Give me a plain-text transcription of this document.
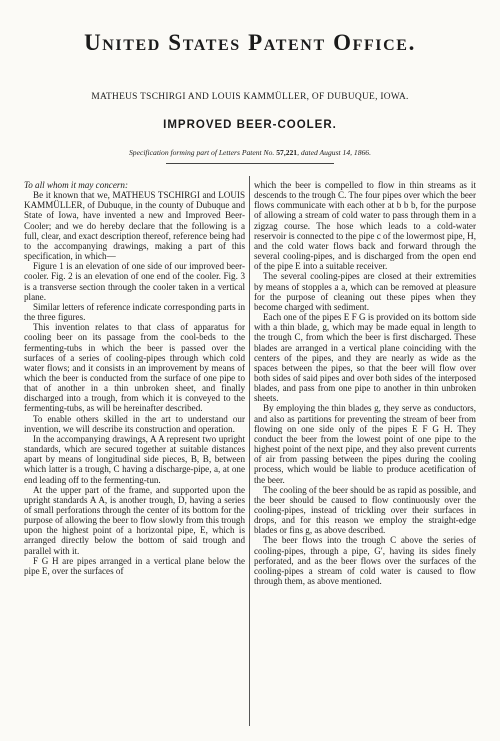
United States Patent Office.
MATHEUS TSCHIRGI AND LOUIS KAMMÜLLER, OF DUBUQUE, IOWA.
IMPROVED BEER-COOLER.
Specification forming part of Letters Patent No. 57,221, dated August 14, 1866.

To all whom it may concern:

Be it known that we, MATHEUS TSCHIRGI and LOUIS KAMMÜLLER, of Dubuque, in the county of Dubuque and State of Iowa, have invented a new and Improved Beer-Cooler; and we do hereby declare that the following is a full, clear, and exact description thereof, reference being had to the accompanying drawings, making a part of this specification, in which—

Figure 1 is an elevation of one side of our improved beer-cooler. Fig. 2 is an elevation of one end of the cooler. Fig. 3 is a transverse section through the cooler taken in a vertical plane.

Similar letters of reference indicate corresponding parts in the three figures.

This invention relates to that class of apparatus for cooling beer on its passage from the cool-beds to the fermenting-tubs in which the beer is passed over the surfaces of a series of cooling-pipes through which cold water flows; and it consists in an improvement by means of which the beer is conducted from the surface of one pipe to that of another in a thin unbroken sheet, and finally discharged into a trough, from which it is conveyed to the fermenting-tubs, as will be hereinafter described.

To enable others skilled in the art to understand our invention, we will describe its construction and operation.

In the accompanying drawings, A A represent two upright standards, which are secured together at suitable distances apart by means of longitudinal side pieces, B, B, between which latter is a trough, C having a discharge-pipe, a, at one end leading off to the fermenting-tun.

At the upper part of the frame, and supported upon the upright standards A A, is another trough, D, having a series of small perforations through the center of its bottom for the purpose of allowing the beer to flow slowly from this trough upon the highest point of a horizontal pipe, E, which is arranged directly below the bottom of said trough and parallel with it.

F G H are pipes arranged in a vertical plane below the pipe E, over the surfaces of

which the beer is compelled to flow in thin streams as it descends to the trough C. The four pipes over which the beer flows communicate with each other at b b b, for the purpose of allowing a stream of cold water to pass through them in a zigzag course. The hose which leads to a cold-water reservoir is connected to the pipe c of the lowermost pipe, H, and the cold water flows back and forward through the several cooling-pipes, and is discharged from the open end of the pipe E into a suitable receiver.

The several cooling-pipes are closed at their extremities by means of stopples a a, which can be removed at pleasure for the purpose of cleaning out these pipes when they become charged with sediment.

Each one of the pipes E F G is provided on its bottom side with a thin blade, g, which may be made equal in length to the trough C, from which the beer is first discharged. These blades are arranged in a vertical plane coinciding with the centers of the pipes, and they are nearly as wide as the spaces between the pipes, so that the beer will flow over both sides of said pipes and over both sides of the interposed blades, and pass from one pipe to another in thin unbroken sheets.

By employing the thin blades g, they serve as conductors, and also as partitions for preventing the stream of beer from flowing on one side only of the pipes E F G H. They conduct the beer from the lowest point of one pipe to the highest point of the next pipe, and they also prevent currents of air from passing between the pipes during the cooling process, which would be liable to produce acetification of the beer.

The cooling of the beer should be as rapid as possible, and the beer should be caused to flow continuously over the cooling-pipes, instead of trickling over their surfaces in drops, and for this reason we employ the straight-edge blades or fins g, as above described.

The beer flows into the trough C above the series of cooling-pipes, through a pipe, G′, having its sides finely perforated, and as the beer flows over the surfaces of the cooling-pipes a stream of cold water is caused to flow through them, as above mentioned.
